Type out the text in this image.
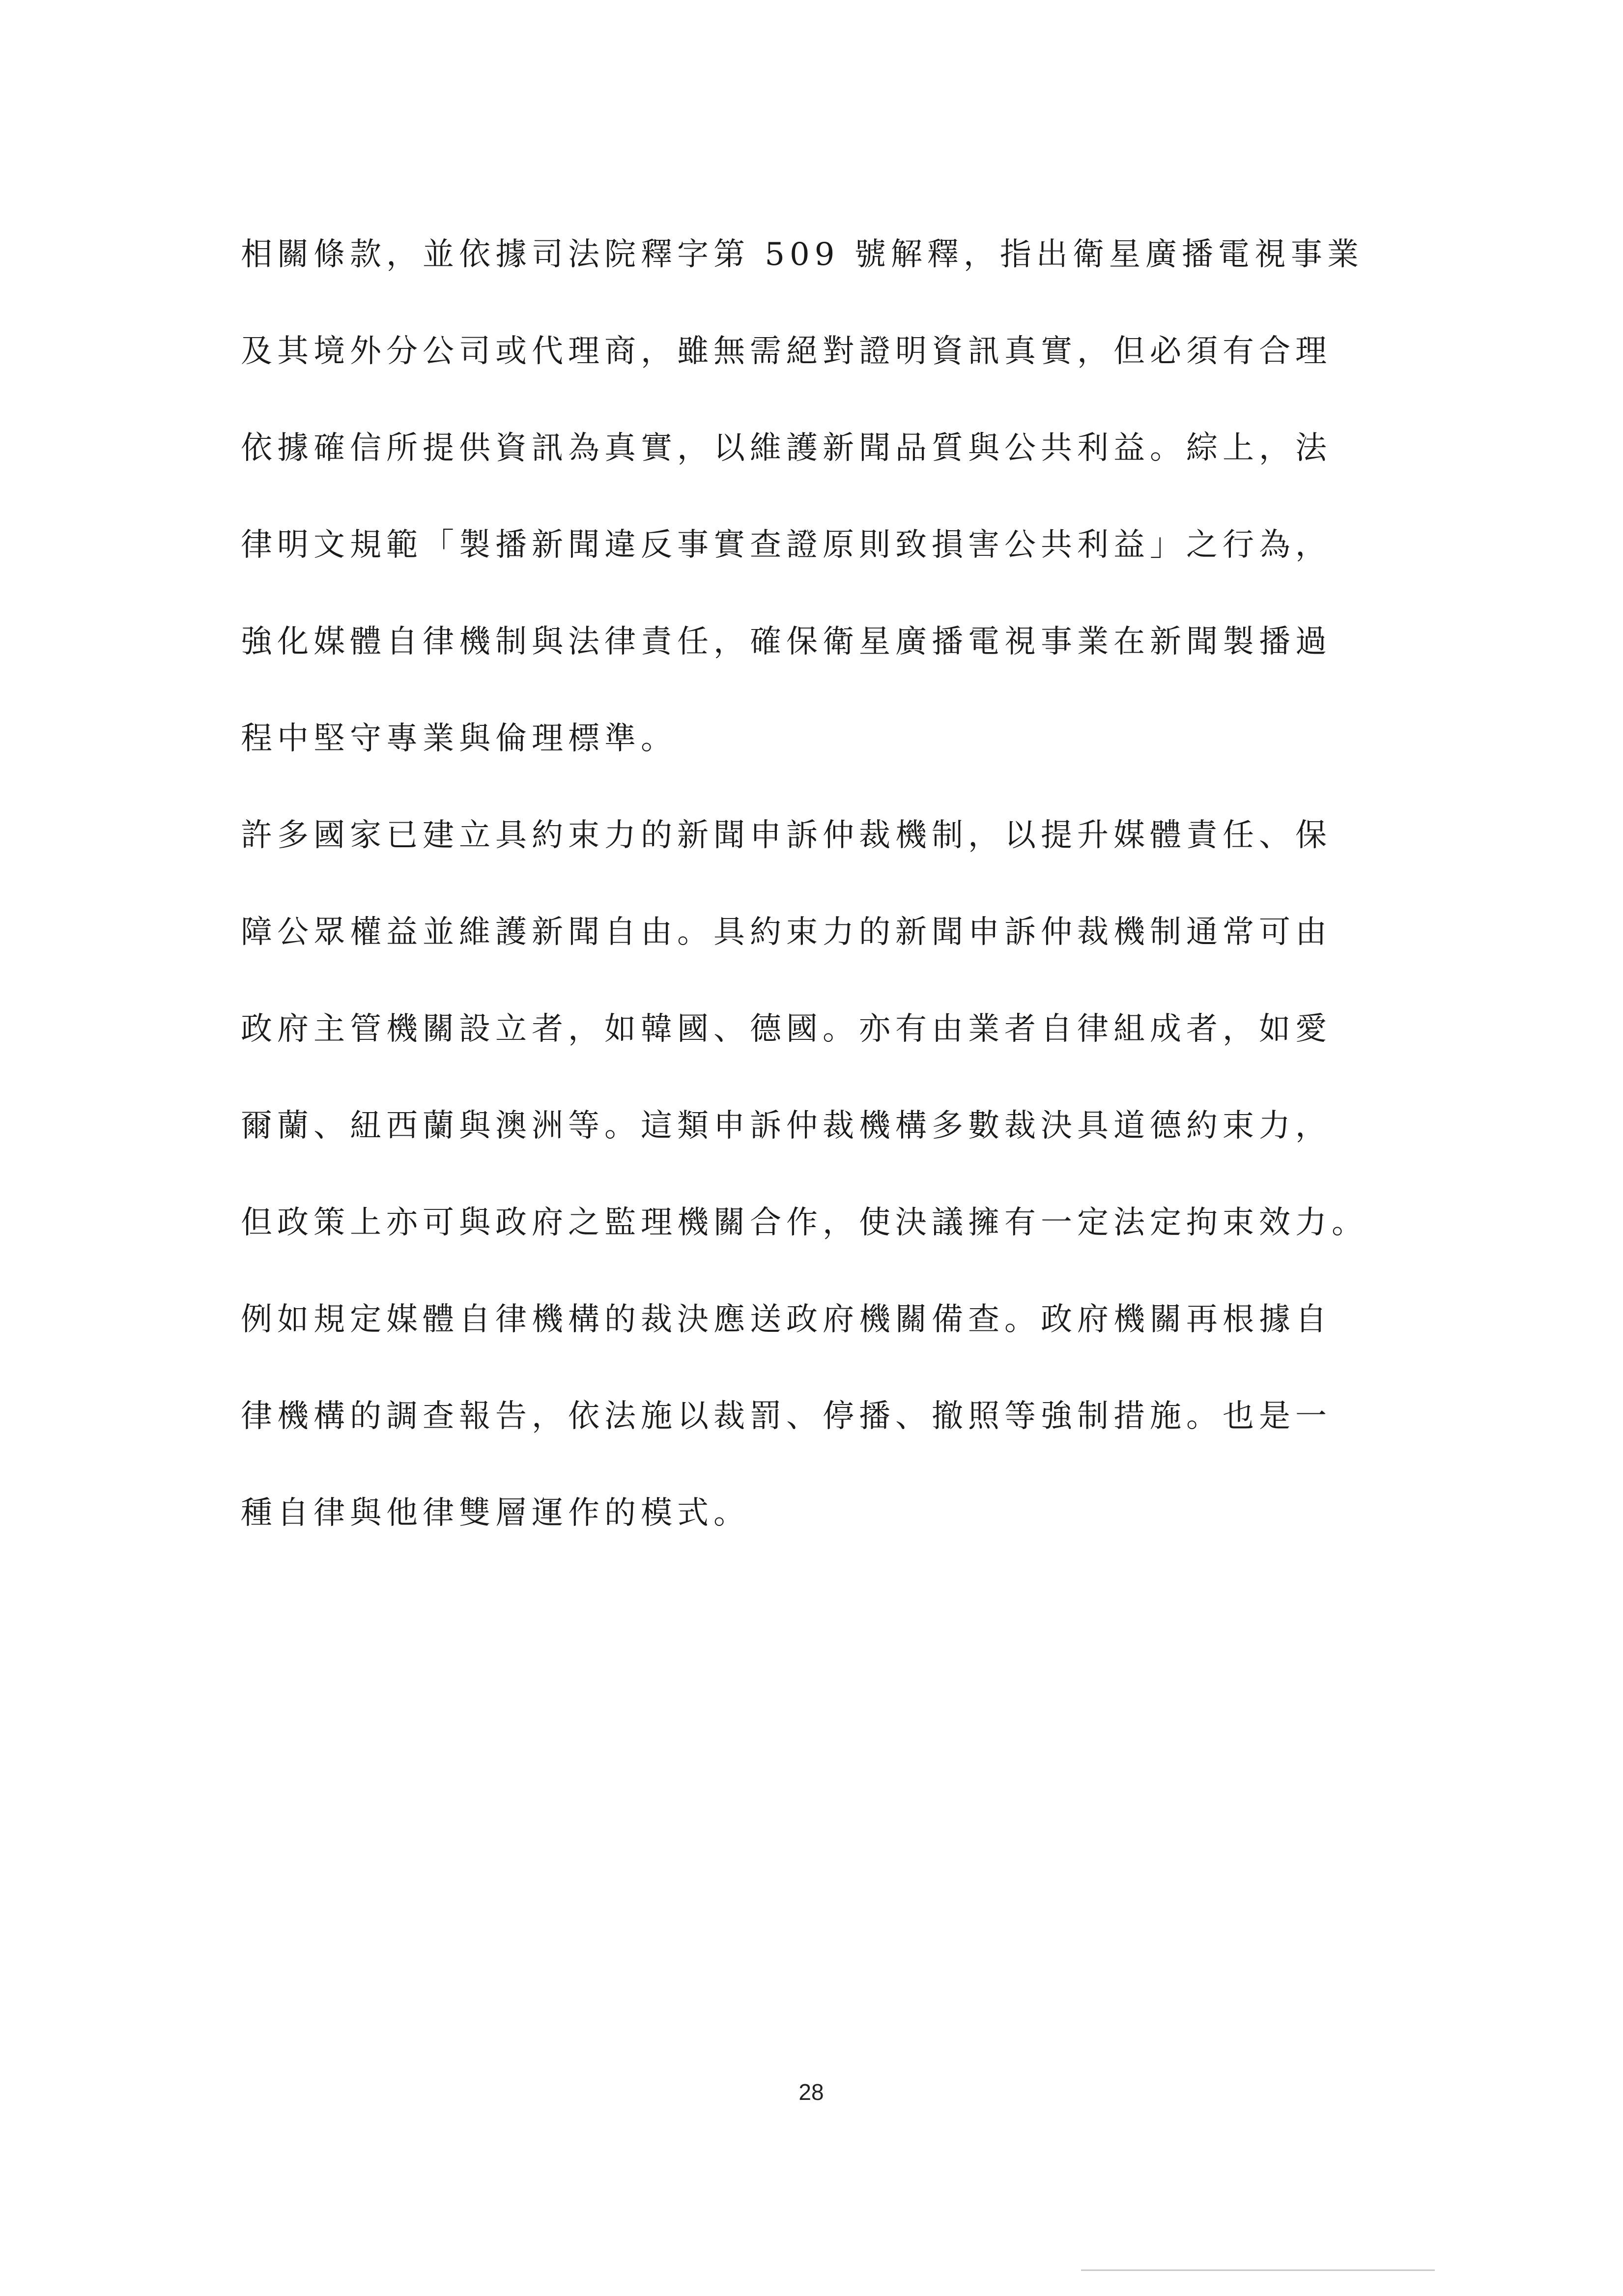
相關條款，並依據司法院釋字第 509 號解釋，指出衛星廣播電視事業
及其境外分公司或代理商，雖無需絕對證明資訊真實，但必須有合理
依據確信所提供資訊為真實，以維護新聞品質與公共利益。綜上，法
律明文規範「製播新聞違反事實查證原則致損害公共利益」之行為，
強化媒體自律機制與法律責任，確保衛星廣播電視事業在新聞製播過
程中堅守專業與倫理標準。
許多國家已建立具約束力的新聞申訴仲裁機制，以提升媒體責任、保
障公眾權益並維護新聞自由。具約束力的新聞申訴仲裁機制通常可由
政府主管機關設立者，如韓國、德國。亦有由業者自律組成者，如愛
爾蘭、紐西蘭與澳洲等。這類申訴仲裁機構多數裁決具道德約束力，
但政策上亦可與政府之監理機關合作，使決議擁有一定法定拘束效力。
例如規定媒體自律機構的裁決應送政府機關備查。政府機關再根據自
律機構的調查報告，依法施以裁罰、停播、撤照等強制措施。也是一
種自律與他律雙層運作的模式。
28
